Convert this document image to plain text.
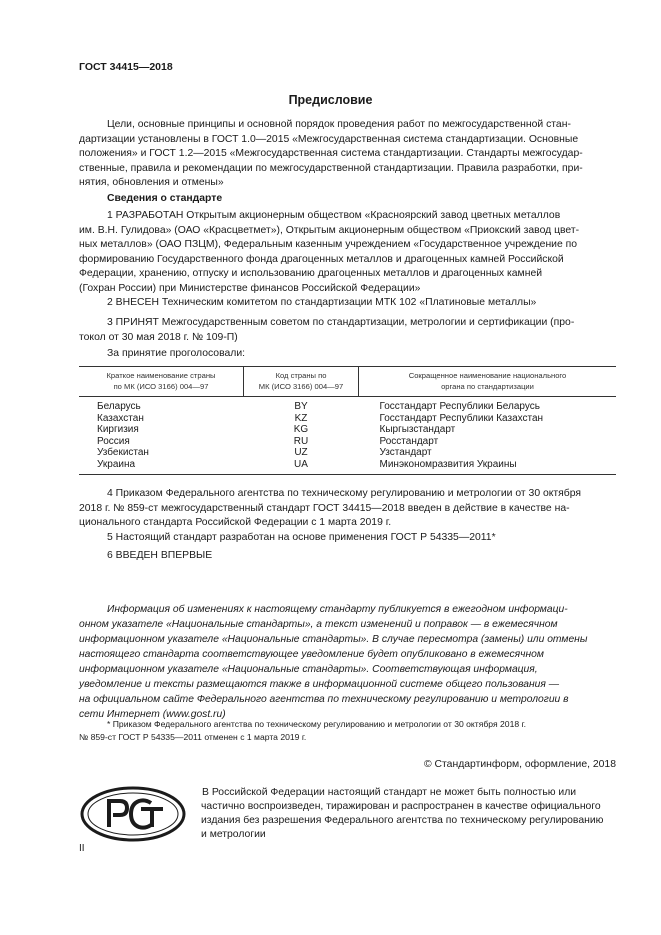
ГОСТ 34415—2018
Предисловие
Цели, основные принципы и основной порядок проведения работ по межгосударственной стан-
дартизации установлены в ГОСТ 1.0—2015 «Межгосударственная система стандартизации. Основные
положения» и ГОСТ 1.2—2015 «Межгосударственная система стандартизации. Стандарты межгосудар-
ственные, правила и рекомендации по межгосударственной стандартизации. Правила разработки, при-
нятия, обновления и отмены»
Сведения о стандарте
1 РАЗРАБОТАН Открытым акционерным обществом «Красноярский завод цветных металлов
им. В.Н. Гулидова» (ОАО «Красцветмет»), Открытым акционерным обществом «Приокский завод цвет-
ных металлов» (ОАО ПЗЦМ), Федеральным казенным учреждением «Государственное учреждение по
формированию Государственного фонда драгоценных металлов и драгоценных камней Российской
Федерации, хранению, отпуску и использованию драгоценных металлов и драгоценных камней
(Гохран России) при Министерстве финансов Российской Федерации»
2 ВНЕСЕН Техническим комитетом по стандартизации МТК 102 «Платиновые металлы»
3 ПРИНЯТ Межгосударственным советом по стандартизации, метрологии и сертификации (про-
токол от 30 мая 2018 г. № 109-П)
За принятие проголосовали:
Краткое наименование страны
по МК (ИСО 3166) 004—97	Код страны по
МК (ИСО 3166) 004—97	Сокращенное наименование национального
органа по стандартизации
Беларусь	BY	Госстандарт Республики Беларусь
Казахстан	KZ	Госстандарт Республики Казахстан
Киргизия	KG	Кыргызстандарт
Россия	RU	Росстандарт
Узбекистан	UZ	Узстандарт
Украина	UA	Минэкономразвития Украины
4 Приказом Федерального агентства по техническому регулированию и метрологии от 30 октября
2018 г. № 859-ст межгосударственный стандарт ГОСТ 34415—2018 введен в действие в качестве на-
ционального стандарта Российской Федерации с 1 марта 2019 г.
5 Настоящий стандарт разработан на основе применения ГОСТ Р 54335—2011*
6 ВВЕДЕН ВПЕРВЫЕ
Информация об изменениях к настоящему стандарту публикуется в ежегодном информаци-
онном указателе «Национальные стандарты», а текст изменений и поправок — в ежемесячном
информационном указателе «Национальные стандарты». В случае пересмотра (замены) или отмены
настоящего стандарта соответствующее уведомление будет опубликовано в ежемесячном
информационном указателе «Национальные стандарты». Соответствующая информация,
уведомление и тексты размещаются также в информационной системе общего пользования —
на официальном сайте Федерального агентства по техническому регулированию и метрологии в
сети Интернет (www.gost.ru)
* Приказом Федерального агентства по техническому регулированию и метрологии от 30 октября 2018 г.
№ 859-ст ГОСТ Р 54335—2011 отменен с 1 марта 2019 г.
© Стандартинформ, оформление, 2018
В Российской Федерации настоящий стандарт не может быть полностью или
частично воспроизведен, тиражирован и распространен в качестве официального
издания без разрешения Федерального агентства по техническому регулированию
и метрологии
II
